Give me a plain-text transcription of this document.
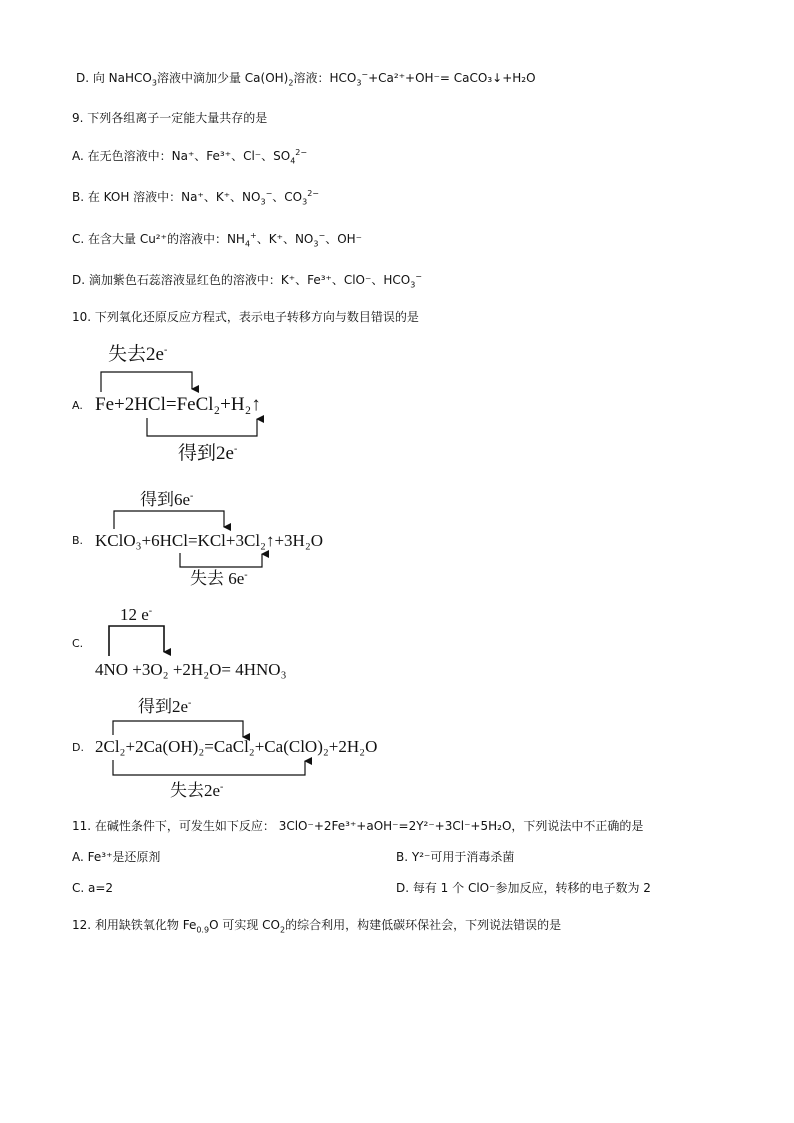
D. 向 NaHCO$_3$溶液中滴加少量 $Ca(OH)_2$溶液：$HCO_3^-+Ca^{2+}+OH^-=$ CaCO₃↓+H₂O
9. 下列各组离子一定能大量共存的是
A. 在无色溶液中：Na⁺、Fe³⁺、Cl⁻、$SO_4^{2-}$
B. 在 KOH 溶液中：Na⁺、K⁺、$NO_3^-$、$CO_3^{2-}$
C. 在含大量 Cu²⁺的溶液中：$NH_4^+$、K⁺、$NO_3^-$、OH⁻
D. 滴加紫色石蕊溶液显红色的溶液中：K⁺、Fe³⁺、ClO⁻、$HCO_3^-$
10. 下列氧化还原反应方程式，表示电子转移方向与数目错误的是
失去2e-
A. Fe+2HCl=FeCl₂+H₂↑
得到2e-
得到6e-
B. KClO₃+6HCl=KCl+3Cl₂↑+3H₂O
失去 6e-
12 e-
C.
4NO +3O₂ +2H₂O= 4HNO₃
得到2e-
D. 2Cl₂+2Ca(OH)₂=CaCl₂+Ca(ClO)₂+2H₂O
失去2e-
11. 在碱性条件下，可发生如下反应： 3ClO⁻+2Fe³⁺+aOH⁻=2Y²⁻+3Cl⁻+5H₂O，下列说法中不正确的是
A. Fe³⁺是还原剂	B. Y²⁻可用于消毒杀菌
C. a=2	D. 每有 1 个 ClO⁻参加反应，转移的电子数为 2
12. 利用缺铁氧化物 $Fe_{0.9}O$ 可实现 $CO_2$的综合利用，构建低碳环保社会，下列说法错误的是
